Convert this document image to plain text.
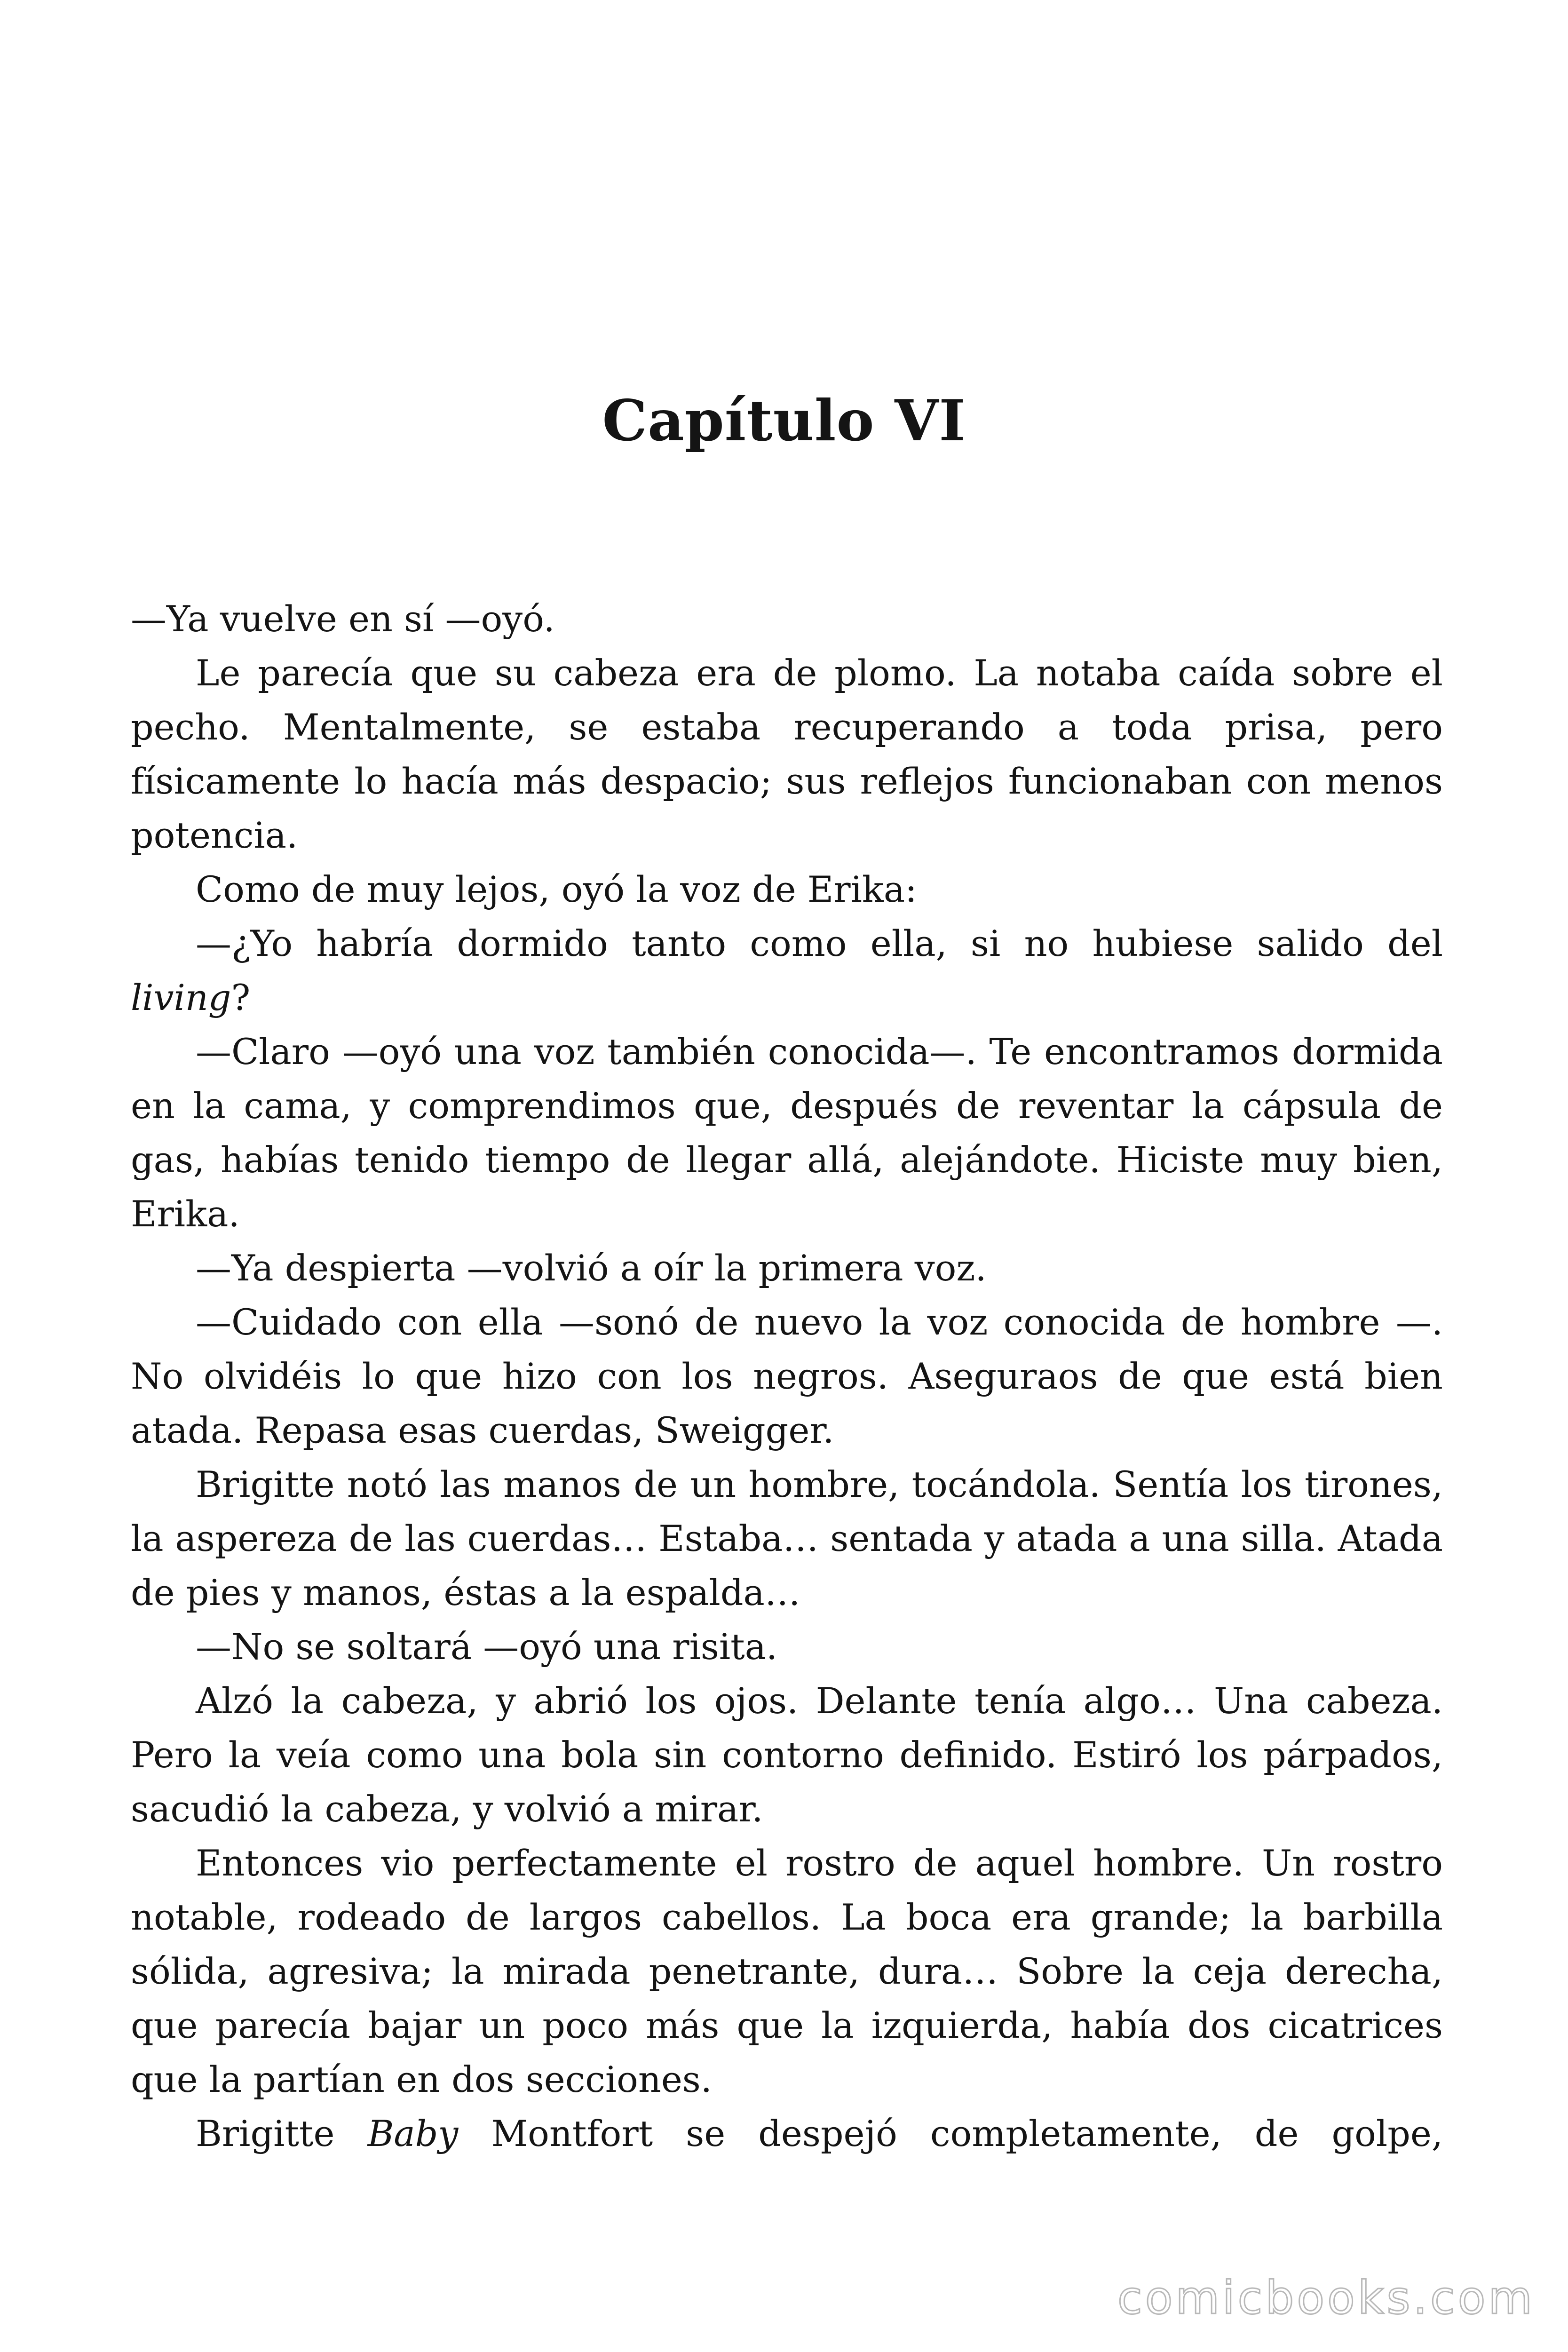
Capítulo VI

—Ya vuelve en sí —oyó.

Le parecía que su cabeza era de plomo. La notaba caída sobre el pecho. Mentalmente, se estaba recuperando a toda prisa, pero físicamente lo hacía más despacio; sus reflejos funcionaban con menos potencia.

Como de muy lejos, oyó la voz de Erika:

—¿Yo habría dormido tanto como ella, si no hubiese salido del living?

—Claro —oyó una voz también conocida—. Te encontramos dormida en la cama, y comprendimos que, después de reventar la cápsula de gas, habías tenido tiempo de llegar allá, alejándote. Hiciste muy bien, Erika.

—Ya despierta —volvió a oír la primera voz.

—Cuidado con ella —sonó de nuevo la voz conocida de hombre —. No olvidéis lo que hizo con los negros. Aseguraos de que está bien atada. Repasa esas cuerdas, Sweigger.

Brigitte notó las manos de un hombre, tocándola. Sentía los tirones, la aspereza de las cuerdas… Estaba… sentada y atada a una silla. Atada de pies y manos, éstas a la espalda…

—No se soltará —oyó una risita.

Alzó la cabeza, y abrió los ojos. Delante tenía algo… Una cabeza. Pero la veía como una bola sin contorno definido. Estiró los párpados, sacudió la cabeza, y volvió a mirar.

Entonces vio perfectamente el rostro de aquel hombre. Un rostro notable, rodeado de largos cabellos. La boca era grande; la barbilla sólida, agresiva; la mirada penetrante, dura… Sobre la ceja derecha, que parecía bajar un poco más que la izquierda, había dos cicatrices que la partían en dos secciones.

Brigitte Baby Montfort se despejó completamente, de golpe,

comicbooks.com
